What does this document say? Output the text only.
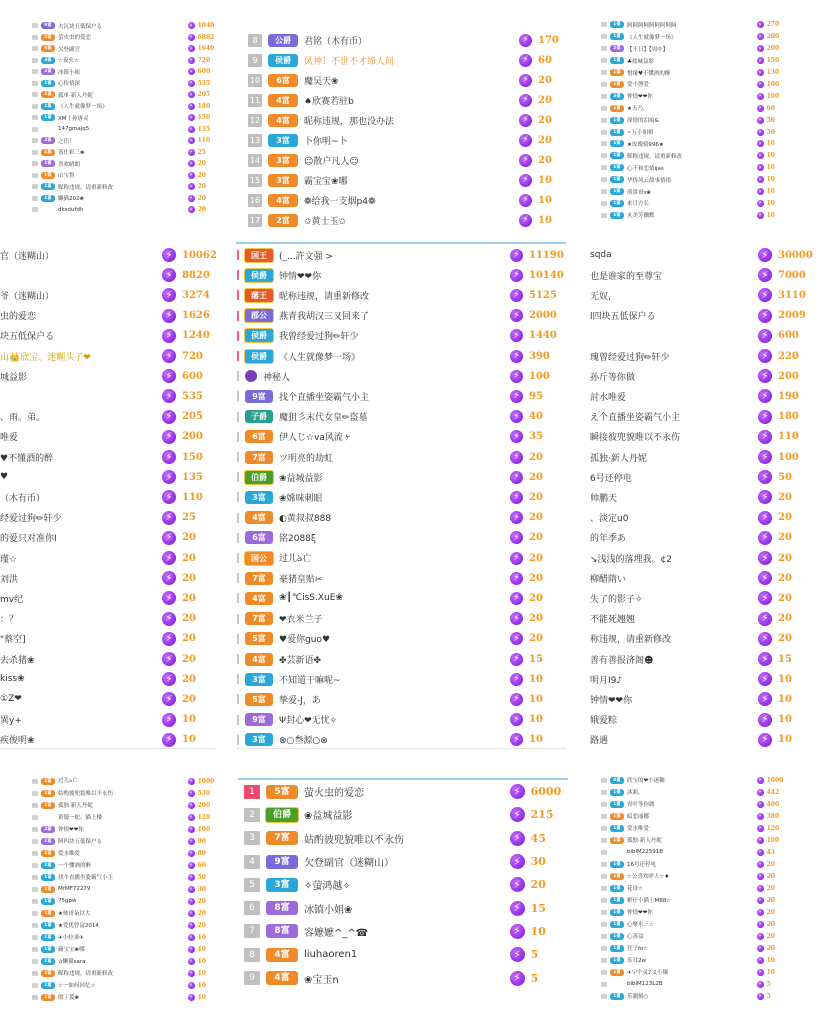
9富	夫沉块五低保户る	⚡ 1040
5富	萤火虫的爱恋	⚡ 6882
6富	欠登副官	⚡ 1640
3富	☆夜火☆	⚡ 720
2富	冰镇小姐	⚡ 600
1富	心传情深	⚡ 535
1富	孤单·新人丹妮	⚡ 205
1富	《人生就像梦一场》	⚡ 180
1富	XM丨孙唐灵	⚡ 150
147gmajq5	⚡ 135
2富	之佳！	⚡ 110
1富	蓋仕彩三❀	⚡ 25
1富	喜欢晴朗	⚡ 20
1富	山宝鲁	⚡ 20
1富	昵称违规，请重新修改	⚡ 20
1富	懒猫202❀	⚡ 20
dksdufdh	⚡ 20
8	公爵	君铭（木有币）	⚡ 170
9	侯爵	风神！不世不才缔人间	⚡ 60
10	6富	魔吴天❀	⚡ 20
11	4富	♠欣赛若驻b	⚡ 20
12	4富	昵称违规，那也没办法	⚡ 20
13	3富	卜你明~卜	⚡ 20
14	3富	☺散户凡人☺	⚡ 20
15	3富	霸宝宝❀哪	⚡ 10
16	4富	❁给我一支烟p4❁	⚡ 10
17	2富	✩黄士玉✩	⚡ 10
1富	阿阿阿阿阿阿阿阿阿	⚡ 270
1富	《人生就像梦一场》	⚡ 200
2富	【不日】【周中】	⚡ 200
1富	♣盐城益影	⚡ 150
1富	惜缘♥不懂酒的醉	⚡ 130
1富	爱小博爱	⚡ 100
3富	钟情❤❤你	⚡ 100
1富	★天乃。	⚡ 60
1富	深情的泪痕&	⚡ 50
1富	~万小姐姐	⚡ 50
1富	★玫瑰骑996★	⚡ 10
1富	昵称违规，请重新修改	⚡ 10
1富	心不和恋情ijas	⚡ 10
1富	华侨风云故事情绪	⚡ 10
1富	煎饼哥s❀	⚡ 10
1富	来日方长	⚡ 10
1富	丸美芳幽默	⚡ 10
官（迷糊山）	⚡ 10062
⚡ 8820
爷（迷糊山）	⚡ 3274
虫的爱恋	⚡ 1626
块五低保户る	⚡ 1240
山👑欣宝、迷糊头子❤	⚡ 720
城益影	⚡ 600
⚡ 535
、雨。弟。	⚡ 205
唯爱	⚡ 200
♥不懂酒的醉	⚡ 150
♥	⚡ 135
（木有币）	⚡ 110
经爱过狗✏轩少	⚡ 25
的爱只对准你I	⚡ 20
瑾☆	⚡ 20
刘洪	⚡ 20
mv纪	⚡ 20
：？	⚡ 20
"蔡空]	⚡ 20
去杀猪❀	⚡ 20
kiss❀	⚡ 20
①Z❤	⚡ 20
異y+	⚡ 10
疾俊明❀	⚡ 10
国王	(_...許文强 >	⚡ 11190
侯爵	钟情❤❤你	⚡ 10140
藩王	昵称违规，请重新修改	⚡ 5125
郡公	燕青我胡汉三又回来了	⚡ 2000
侯爵	我曾经爱过狗✏轩少	⚡ 1440
侯爵	《人生就像梦一场》	⚡ 390
神秘人	⚡ 100
9富	找个直播坐姿霸气小主	⚡ 95
子爵	魔狙彡末代女皇✏盗墓	⚡ 40
6富	伊人じ☆va风流ヶ	⚡ 35
7富	ツ明亮的劫虹	⚡ 20
伯爵	❀益城益影	⚡ 20
3富	❀嫦咪刺眼	⚡ 20
4富	◐黄叔叔888	⚡ 20
6富	铭2088ξ	⚡ 20
国公	过儿ঌ亡	⚡ 20
7富	豪猪皇贴✂	⚡ 20
4富	❀┃℃isS.XuE❀	⚡ 20
7富	❤衣米兰子	⚡ 20
5富	♥爱你guo♥	⚡ 20
4富	✤芸新语✤	⚡ 15
3富	不知道干嘛呢~	⚡ 10
5富	挚爱-J，あ	⚡ 10
9富	Ψ封心❤无忧✧	⚡ 10
3富	⊗○叁源○⊗	⚡ 10
sqda	⚡ 30000
也是谁家的至尊宝	⚡ 7000
无奴，	⚡ 3110
l四块五低保户る	⚡ 2009
⚡ 600
瑰曾经爱过狗✏轩少	⚡ 220
孙斤等你做	⚡ 200
討水唯爱	⚡ 190
え个直播坐姿霸气小主	⚡ 180
瞬接彼兜貌唯以不永伤	⚡ 110
孤独·新人丹妮	⚡ 100
6号还停电	⚡ 50
帅鹏天	⚡ 20
、淡定u0	⚡ 20
的年季あ	⚡ 20
↘浅浅的落埋我。¢2	⚡ 20
柳醋隋い	⚡ 20
失了的影子✧	⚡ 20
不能死翘翘	⚡ 20
称违规，请重新修改	⚡ 20
善有善报济阁☻	⚡ 15
明月I9♪	⚡ 10
钟情❤❤你	⚡ 10
娥爱粽	⚡ 10
路遇	⚡ 10
1富	过儿ঌ亡	⚡ 1000
1富	姑酌彼兜貌唯以不永伤	⚡ 530
1富	孤独·新人丹妮	⚡ 200
黄蜀一蛇、猫上楼	⚡ 120
2富	钟情❤❤你	⚡ 100
1富	阿四块五低保户る	⚡ 90
1富	爱水唯爱	⚡ 80
1富	一个懂酒的醉	⚡ 60
1富	找个直播坐姿霸气小主	⚡ 50
1富	MrMF72279	⚡ 30
1富	75gpw	⚡ 20
1富	★帅哥朵以大	⚡ 20
1富	★爱优曾富2014	⚡ 20
1富	✈小拉乖✈	⚡ 10
1富	蘋宝宝❀哪	⚡ 10
1富	✰懒猫sara	⚡ 10
1富	昵称违规，请重新修改	⚡ 10
1富	☆一如何回忆☆	⚡ 10
1富	殷丁爰❀	⚡ 10
1	5富	萤火虫的爱恋	⚡ 6000
2	伯爵	❀益城益影	⚡ 215
3	7富	姑酌彼兜貌唯以不永伤	⚡ 45
4	9富	欠登副官（迷糊山）	⚡ 30
5	3富	✧萤鸿越✧	⚡ 20
6	8富	冰镇小姐❀	⚡ 15
7	8富	容嬷嬷^_^☎	⚡ 10
8	4富	liuhaoren1	⚡ 5
9	4富	❀宝玉n	⚡ 5
4富	欣宝的❤小迷糊	⚡ 1000
1富	沐莉，	⚡ 442
1富	青叶等你做	⚡ 400
1富	暗恋丽娜	⚡ 380
1富	爱水唯爱	⚡ 120
1富	孤独·新人丹妮	⚡ 100
bibiM22591B	⚡ 43
1富	16号还停电	⚡ 20
1富	☆公喜欢呼人☆♦	⚡ 20
1富	花母☆	⚡ 20
1富	彬仔小猫上M88☆	⚡ 20
1富	钟情❤❤你	⚡ 20
1富	心聚水三☆	⚡ 20
1富	心蒸益	⚡ 20
1富	狂子fo☆	⚡ 20
1富	乐耳2w	⚡ 10
1富	✈宁个灵♪义小爆	⚡ 10
bibiM123L2B	⚡ 5
1富	乐潮刻○	⚡ 5
